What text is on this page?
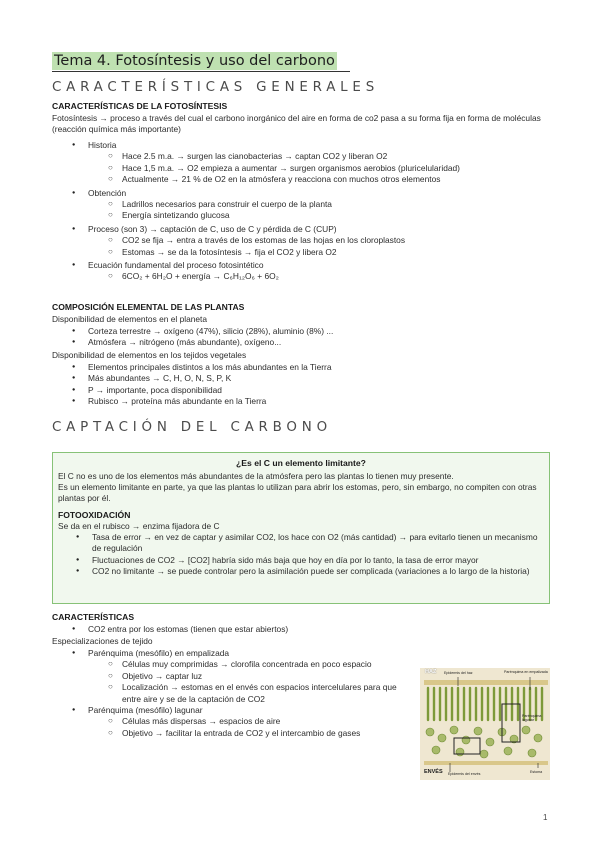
Tema 4. Fotosíntesis y uso del carbono
CARACTERÍSTICAS GENERALES

CARACTERÍSTICAS DE LA FOTOSÍNTESIS

Fotosíntesis → proceso a través del cual el carbono inorgánico del aire en forma de co2 pasa a su forma fija en forma de moléculas (reacción química más importante)

● Historia
○ Hace 2.5 m.a. → surgen las cianobacterias → captan CO2 y liberan O2
○ Hace 1,5 m.a. → O2 empieza a aumentar → surgen organismos aerobios (pluricelularidad)
○ Actualmente → 21 % de O2 en la atmósfera y reacciona con muchos otros elementos
● Obtención
○ Ladrillos necesarios para construir el cuerpo de la planta
○ Energía sintetizando glucosa
● Proceso (son 3) → captación de C, uso de C y pérdida de C (CUP)
○ CO2 se fija → entra a través de los estomas de las hojas en los cloroplastos
○ Estomas → se da la fotosíntesis → fija el CO2 y libera O2
● Ecuación fundamental del proceso fotosintético
○ 6CO₂ + 6H₂O + energía → C₆H₁₂O₆ + 6O₂

COMPOSICIÓN ELEMENTAL DE LAS PLANTAS

Disponibilidad de elementos en el planeta

● Corteza terrestre → oxígeno (47%), silicio (28%), aluminio (8%) ...
● Atmósfera → nitrógeno (más abundante), oxígeno...

Disponibilidad de elementos en los tejidos vegetales

● Elementos principales distintos a los más abundantes en la Tierra
● Más abundantes → C, H, O, N, S, P, K
● P → importante, poca disponibilidad
● Rubisco → proteína más abundante en la Tierra
CAPTACIÓN DEL CARBONO
¿Es el C un elemento limitante?

El C no es uno de los elementos más abundantes de la atmósfera pero las plantas lo tienen muy presente.

Es un elemento limitante en parte, ya que las plantas lo utilizan para abrir los estomas, pero, sin embargo, no compiten con otras plantas por él.

FOTOOXIDACIÓN

Se da en el rubisco → enzima fijadora de C

● Tasa de error → en vez de captar y asimilar CO2, los hace con O2 (más cantidad) → para evitarlo tienen un mecanismo de regulación
● Fluctuaciones de CO2 → [CO2] habría sido más baja que hoy en día por lo tanto, la tasa de error mayor
● CO2 no limitante → se puede controlar pero la asimilación puede ser complicada (variaciones a lo largo de la historia)

CARACTERÍSTICAS

● CO2 entra por los estomas (tienen que estar abiertos)

Especializaciones de tejido

● Parénquima (mesófilo) en empalizada
○ Células muy comprimidas → clorofila concentrada en poco espacio
○ Objetivo → captar luz
○ Localización → estomas en el envés con espacios intercelulares para que entre aire y se de la captación de CO2
● Parénquima (mesófilo) lagunar
○ Células más dispersas → espacios de aire
○ Objetivo → facilitar la entrada de CO2 y el intercambio de gases
HAZ Epidermis del haz	Parénquima en empalizada
Parénquima lagunar
ENVÉS Epidermis del envés	Estoma
1
